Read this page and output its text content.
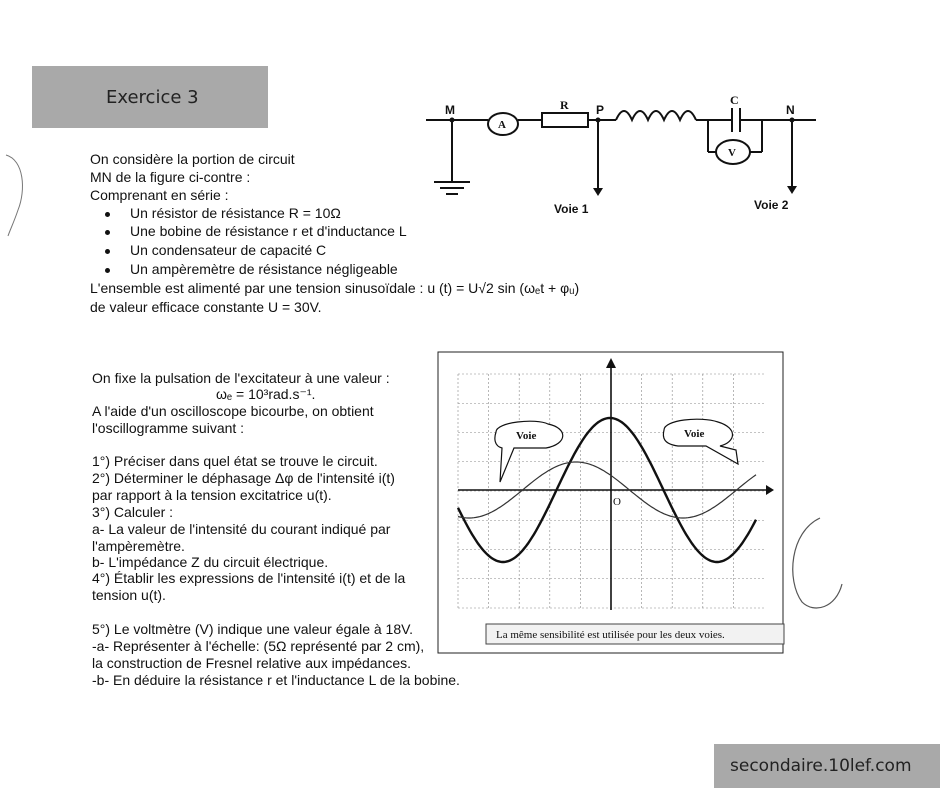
Exercice 3
secondaire.10lef.com
M	P	N
R	C
A
V
Voie 1	Voie 2
On considère la portion de circuit
MN de la figure ci-contre :
Comprenant en série :
Un résistor de résistance R = 10Ω
Une bobine de résistance r et d'inductance L
Un condensateur de capacité C
Un ampèremètre de résistance négligeable
L'ensemble est alimenté par une tension sinusoïdale : u (t) = U√2 sin (ωₑt + φᵤ)
de valeur efficace constante U = 30V.
On fixe la pulsation de l'excitateur à une valeur :
ωₑ = 10³rad.s⁻¹.
A l'aide d'un oscilloscope bicourbe, on obtient
l'oscillogramme suivant :
1°) Préciser dans quel état se trouve le circuit.
2°) Déterminer le déphasage Δφ de l'intensité i(t)
par rapport à la tension excitatrice u(t).
3°) Calculer :
a- La valeur de l'intensité du courant indiqué par
l'ampèremètre.
b- L'impédance Z du circuit électrique.
4°) Établir les expressions de l'intensité i(t) et de la
tension u(t).
5°) Le voltmètre (V) indique une valeur égale à 18V.
-a- Représenter à l'échelle: (5Ω représenté par 2 cm),
la construction de Fresnel relative aux impédances.
-b- En déduire la résistance r et l'inductance L de la bobine.
Voie	Voie
O
La même sensibilité est utilisée pour les deux voies.
